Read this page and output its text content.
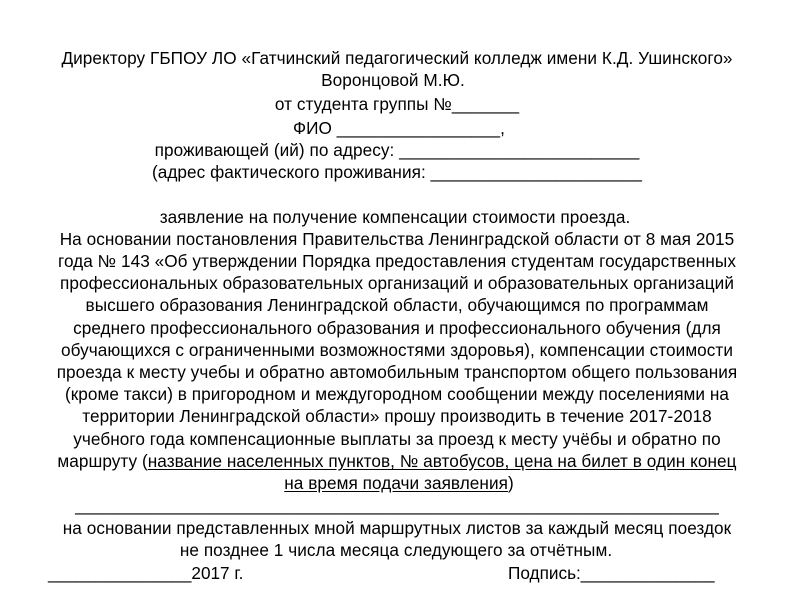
Директору ГБПОУ ЛО «Гатчинский педагогический колледж имени К.Д. Ушинского»
Воронцовой М.Ю.
от студента группы №_______
ФИО _________________,
проживающей (ий) по адресу: _________________________
(адрес фактического проживания: ______________________
заявление на получение компенсации стоимости проезда.
На основании постановления Правительства Ленинградской области от 8 мая 2015
года № 143 «Об утверждении Порядка предоставления студентам государственных
профессиональных образовательных организаций и образовательных организаций
высшего образования Ленинградской области, обучающимся по программам
среднего профессионального образования и профессионального обучения (для
обучающихся с ограниченными возможностями здоровья), компенсации стоимости
проезда к месту учебы и обратно автомобильным транспортом общего пользования
(кроме такси) в пригородном и междугородном сообщении между поселениями на
территории Ленинградской области» прошу производить в течение 2017-2018
учебного года компенсационные выплаты за проезд к месту учёбы и обратно по
маршруту (название населенных пунктов, № автобусов, цена на билет в один конец
на время подачи заявления)
___________________________________________________________________
на основании представленных мной маршрутных листов за каждый месяц поездок
не позднее 1 числа месяца следующего за отчётным.
_______________2017 г.	Подпись:______________
